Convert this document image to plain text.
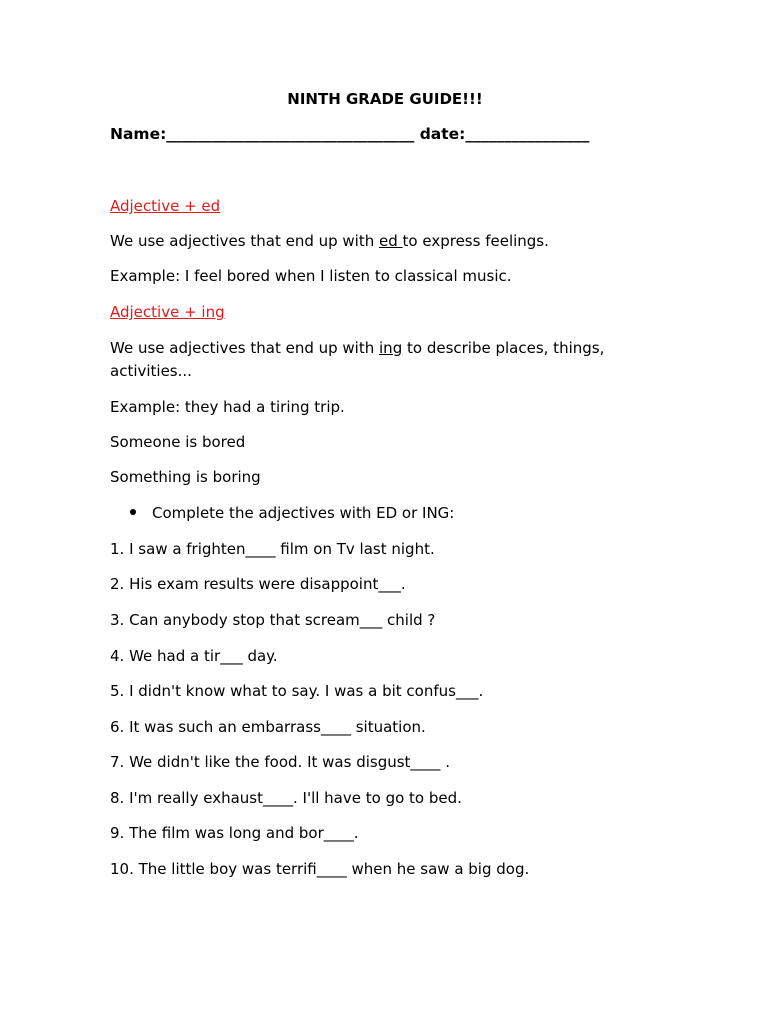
NINTH GRADE GUIDE!!!
Name:________________________________ date:________________
Adjective + ed
We use adjectives that end up with ed to express feelings.
Example: I feel bored when I listen to classical music.
Adjective + ing
We use adjectives that end up with ing to describe places, things,
activities...
Example: they had a tiring trip.
Someone is bored
Something is boring
Complete the adjectives with ED or ING:
1. I saw a frighten____ film on Tv last night.
2. His exam results were disappoint___.
3. Can anybody stop that scream___ child ?
4. We had a tir___ day.
5. I didn't know what to say. I was a bit confus___.
6. It was such an embarrass____ situation.
7. We didn't like the food. It was disgust____ .
8. I'm really exhaust____. I'll have to go to bed.
9. The film was long and bor____.
10. The little boy was terrifi____ when he saw a big dog.
